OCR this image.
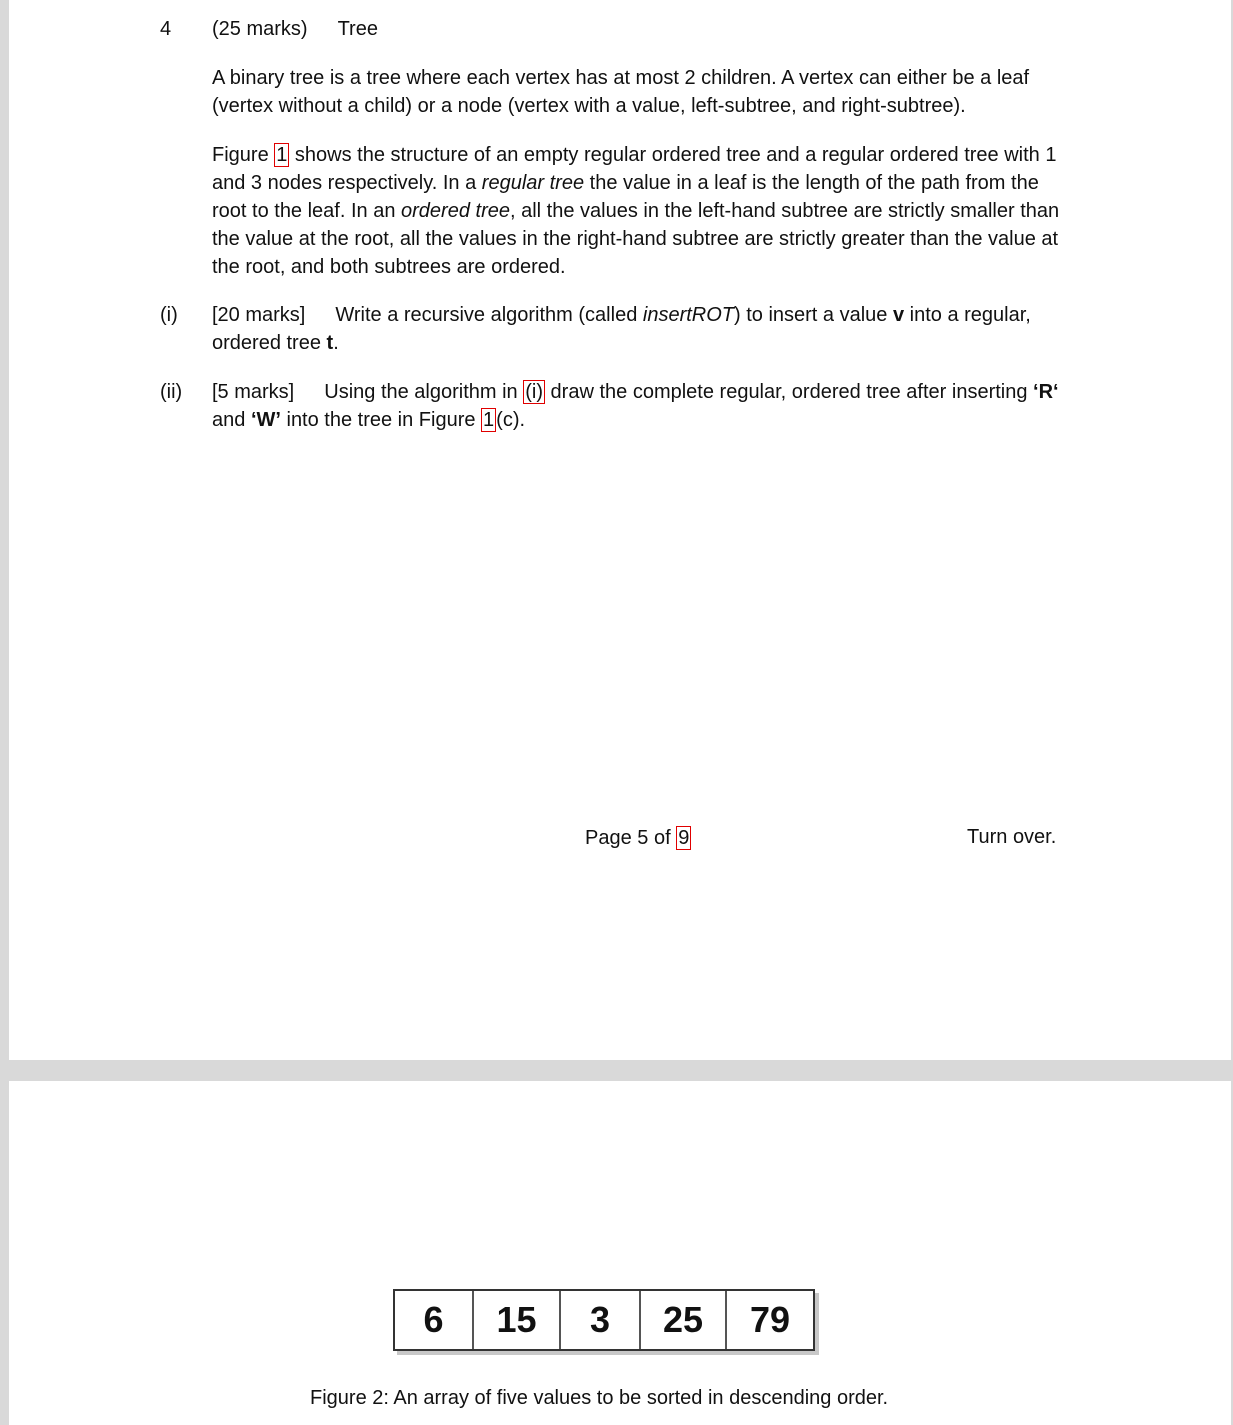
4 (25 marks) Tree
A binary tree is a tree where each vertex has at most 2 children. A vertex can either be a leaf (vertex without a child) or a node (vertex with a value, left-subtree, and right-subtree).
Figure 1 shows the structure of an empty regular ordered tree and a regular ordered tree with 1 and 3 nodes respectively. In a regular tree the value in a leaf is the length of the path from the root to the leaf. In an ordered tree, all the values in the left-hand subtree are strictly smaller than the value at the root, all the values in the right-hand subtree are strictly greater than the value at the root, and both subtrees are ordered.
(i) [20 marks] Write a recursive algorithm (called insertROT) to insert a value v into a regular, ordered tree t.
(ii) [5 marks] Using the algorithm in (i) draw the complete regular, ordered tree after inserting ‘R‘ and ‘W’ into the tree in Figure 1 (c).
Page 5 of 9	Turn over.
6	15	3	25	79
Figure 2: An array of five values to be sorted in descending order.
